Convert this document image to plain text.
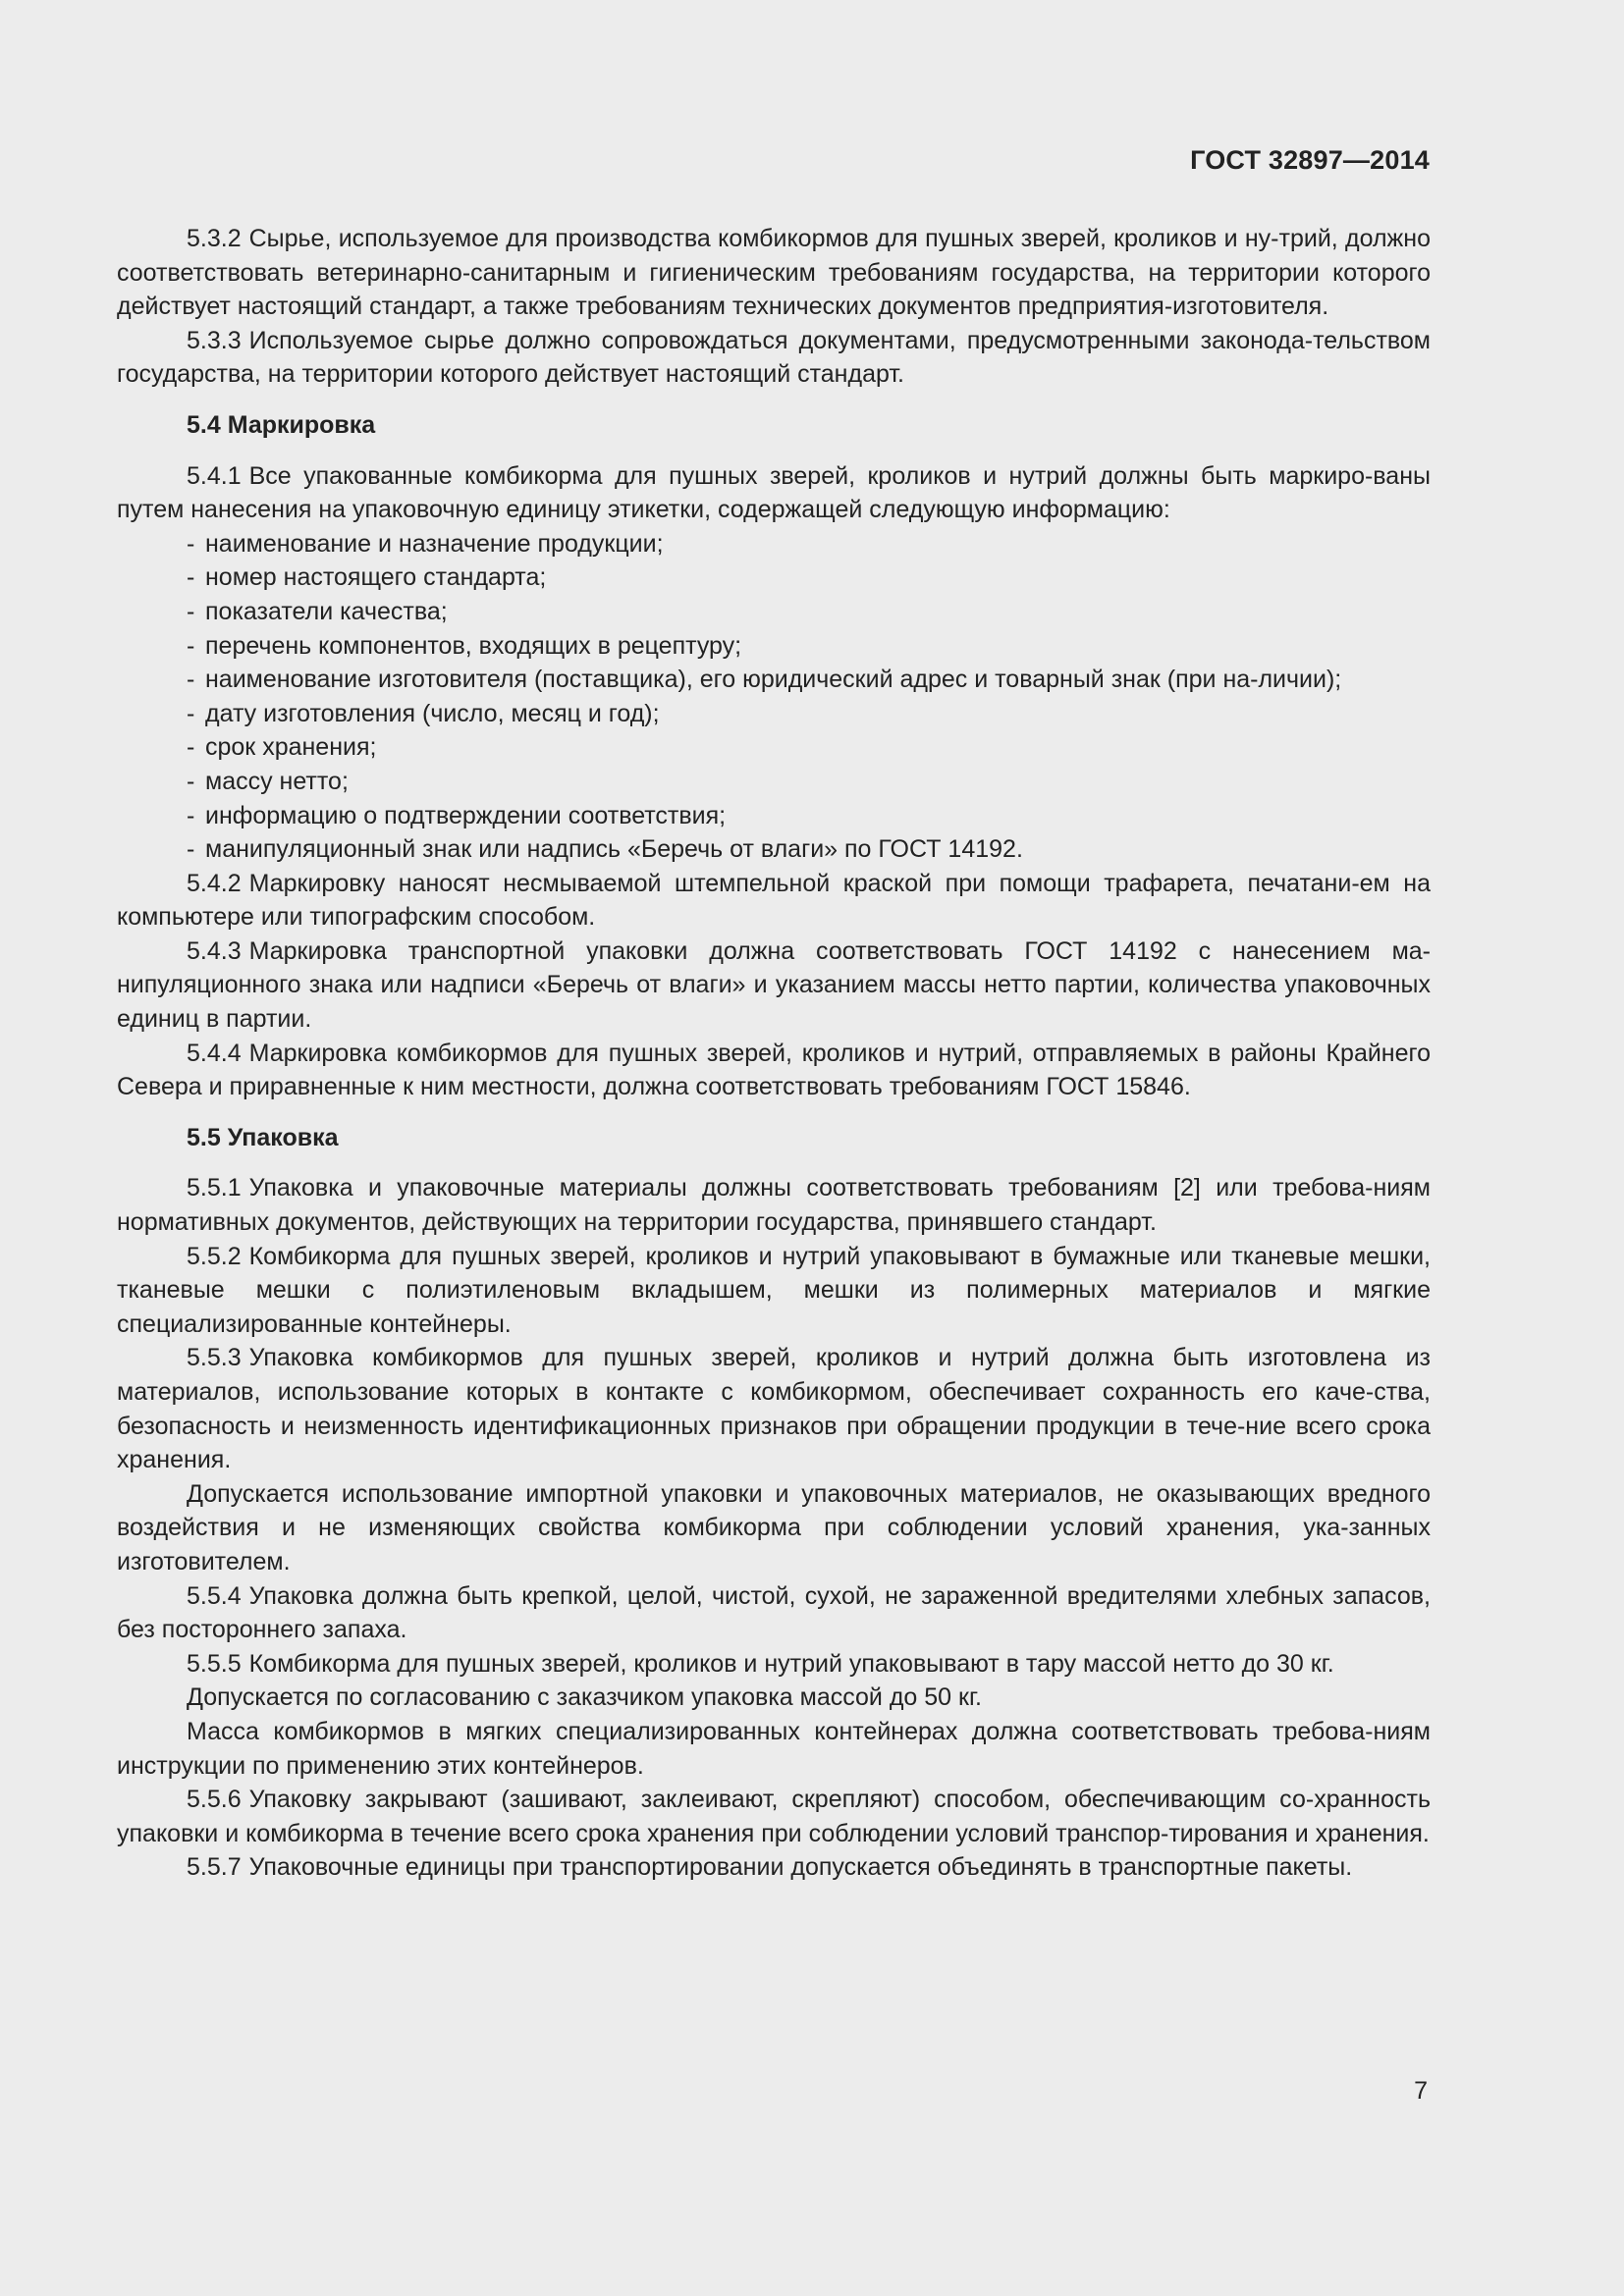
ГОСТ 32897—2014

5.3.2 Сырье, используемое для производства комбикормов для пушных зверей, кроликов и ну-трий, должно соответствовать ветеринарно-санитарным и гигиеническим требованиям государства, на территории которого действует настоящий стандарт, а также требованиям технических документов предприятия-изготовителя.

5.3.3 Используемое сырье должно сопровождаться документами, предусмотренными законода-тельством государства, на территории которого действует настоящий стандарт.

5.4 Маркировка

5.4.1 Все упакованные комбикорма для пушных зверей, кроликов и нутрий должны быть маркиро-ваны путем нанесения на упаковочную единицу этикетки, содержащей следующую информацию:

- наименование и назначение продукции;

- номер настоящего стандарта;

- показатели качества;

- перечень компонентов, входящих в рецептуру;

- наименование изготовителя (поставщика), его юридический адрес и товарный знак (при на-личии);

- дату изготовления (число, месяц и год);

- срок хранения;

- массу нетто;

- информацию о подтверждении соответствия;

- манипуляционный знак или надпись «Беречь от влаги» по ГОСТ 14192.

5.4.2 Маркировку наносят несмываемой штемпельной краской при помощи трафарета, печатани-ем на компьютере или типографским способом.

5.4.3 Маркировка транспортной упаковки должна соответствовать ГОСТ 14192 с нанесением ма-нипуляционного знака или надписи «Беречь от влаги» и указанием массы нетто партии, количества упаковочных единиц в партии.

5.4.4 Маркировка комбикормов для пушных зверей, кроликов и нутрий, отправляемых в районы Крайнего Севера и приравненные к ним местности, должна соответствовать требованиям ГОСТ 15846.

5.5 Упаковка

5.5.1 Упаковка и упаковочные материалы должны соответствовать требованиям [2] или требова-ниям нормативных документов, действующих на территории государства, принявшего стандарт.

5.5.2 Комбикорма для пушных зверей, кроликов и нутрий упаковывают в бумажные или тканевые мешки, тканевые мешки с полиэтиленовым вкладышем, мешки из полимерных материалов и мягкие специализированные контейнеры.

5.5.3 Упаковка комбикормов для пушных зверей, кроликов и нутрий должна быть изготовлена из материалов, использование которых в контакте с комбикормом, обеспечивает сохранность его каче-ства, безопасность и неизменность идентификационных признаков при обращении продукции в тече-ние всего срока хранения.

Допускается использование импортной упаковки и упаковочных материалов, не оказывающих вредного воздействия и не изменяющих свойства комбикорма при соблюдении условий хранения, ука-занных изготовителем.

5.5.4 Упаковка должна быть крепкой, целой, чистой, сухой, не зараженной вредителями хлебных запасов, без постороннего запаха.

5.5.5 Комбикорма для пушных зверей, кроликов и нутрий упаковывают в тару массой нетто до 30 кг.

Допускается по согласованию с заказчиком упаковка массой до 50 кг.

Масса комбикормов в мягких специализированных контейнерах должна соответствовать требова-ниям инструкции по применению этих контейнеров.

5.5.6 Упаковку закрывают (зашивают, заклеивают, скрепляют) способом, обеспечивающим со-хранность упаковки и комбикорма в течение всего срока хранения при соблюдении условий транспор-тирования и хранения.

5.5.7 Упаковочные единицы при транспортировании допускается объединять в транспортные пакеты.

7
